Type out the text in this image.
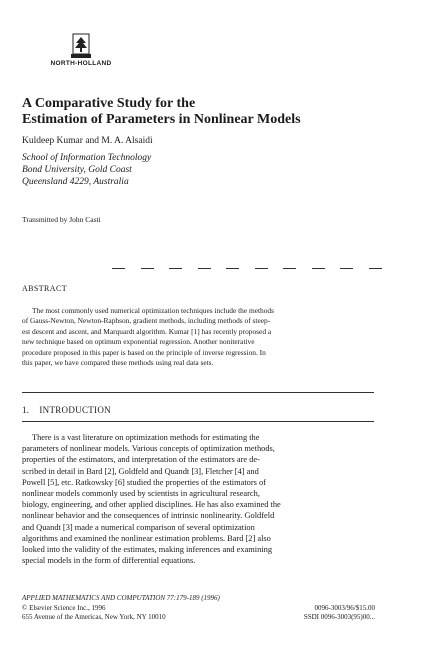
NORTH-HOLLAND
A Comparative Study for the
Estimation of Parameters in Nonlinear Models
Kuldeep Kumar and M. A. Alsaidi
School of Information Technology
Bond University, Gold Coast
Queensland 4229, Australia
Transmitted by John Casti
ABSTRACT
The most commonly used numerical optimization techniques include the methods
of Gauss-Newton, Newton-Raphson, gradient methods, including methods of steep-
est descent and ascent, and Marquardt algorithm. Kumar [1] has recently proposed a
new technique based on optimum exponential regression. Another noniterative
procedure proposed in this paper is based on the principle of inverse regression. In
this paper, we have compared these methods using real data sets.
1. INTRODUCTION
There is a vast literature on optimization methods for estimating the
parameters of nonlinear models. Various concepts of optimization methods,
properties of the estimators, and interpretation of the estimators are de-
scribed in detail in Bard [2], Goldfeld and Quandt [3], Fletcher [4] and
Powell [5], etc. Ratkowsky [6] studied the properties of the estimators of
nonlinear models commonly used by scientists in agricultural research,
biology, engineering, and other applied disciplines. He has also examined the
nonlinear behavior and the consequences of intrinsic nonlinearity. Goldfeld
and Quandt [3] made a numerical comparison of several optimization
algorithms and examined the nonlinear estimation problems. Bard [2] also
looked into the validity of the estimates, making inferences and examining
special models in the form of differential equations.
APPLIED MATHEMATICS AND COMPUTATION 77:179-189 (1996)
© Elsevier Science Inc., 1996	0096-3003/96/$15.00
655 Avenue of the Americas, New York, NY 10010	SSDI 0096-3003(95)00...
